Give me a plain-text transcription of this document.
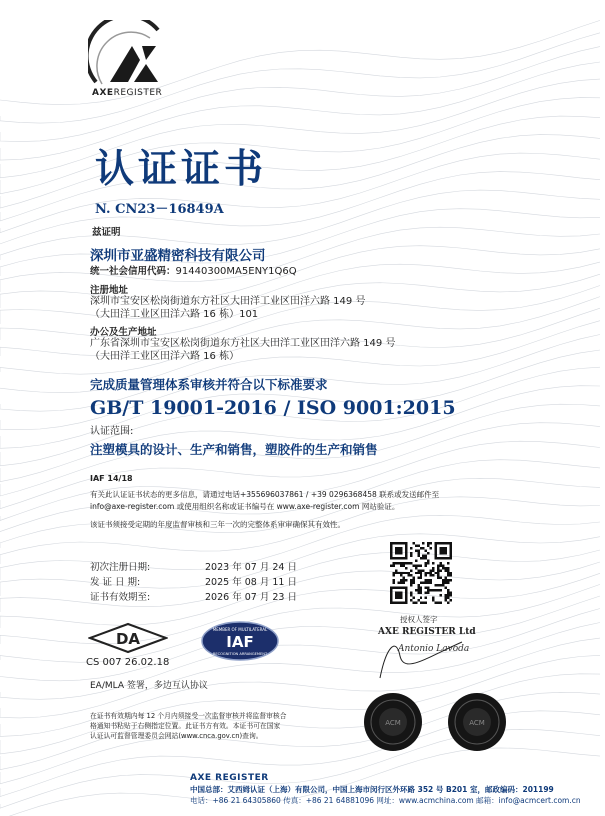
AXEREGISTER
认证证书
N. CN23－16849A
兹证明
深圳市亚盛精密科技有限公司
统一社会信用代码：91440300MA5ENY1Q6Q
注册地址
深圳市宝安区松岗街道东方社区大田洋工业区田洋六路 149 号
（大田洋工业区田洋六路 16 栋）101
办公及生产地址
广东省深圳市宝安区松岗街道东方社区大田洋工业区田洋六路 149 号
（大田洋工业区田洋六路 16 栋）
完成质量管理体系审核并符合以下标准要求
GB/T 19001-2016 / ISO 9001:2015
认证范围:
注塑模具的设计、生产和销售，塑胶件的生产和销售
IAF 14/18
有关此认证证书状态的更多信息，请通过电话+35569603​7861 / +39 0296368458 联系或发送邮件至
info@axe-register.com 或使用组织名称或证书编号在 www.axe-register.com 网站验证。
该证书须接受定期的年度监督审核和三年一次的完整体系审审确保其有效性。
初次注册日期:	2023 年 07 月 24 日
发 证 日 期:	2025 年 08 月 11 日
证书有效期至:	2026 年 07 月 23 日
DA
CS 007 26.02.18
MEMBER OF MULTILATERAL
IAF
RECOGNITION ARRANGEMENT
EA/MLA 签署，多边互认协议
授权人签字
AXE REGISTER Ltd
Antonio Lavoda
在证书有效期内每 12 个月内须接受一次监督审核并将监督审核合
格通知书粘贴于右侧指定位置。此证书方有效。本证书可在国家
认证认可监督管理委员会网站(www.cnca.gov.cn)查询。
ACM	ACM
AXE REGISTER
中国总部：艾西姆认证（上海）有限公司，中国上海市闵行区外环路 352 号 B201 室，邮政编码：201199
电话：+86 21 64305860 传真：+86 21 64881096 网址：www.acmchina.com 邮箱：info@acmcert.com.cn
